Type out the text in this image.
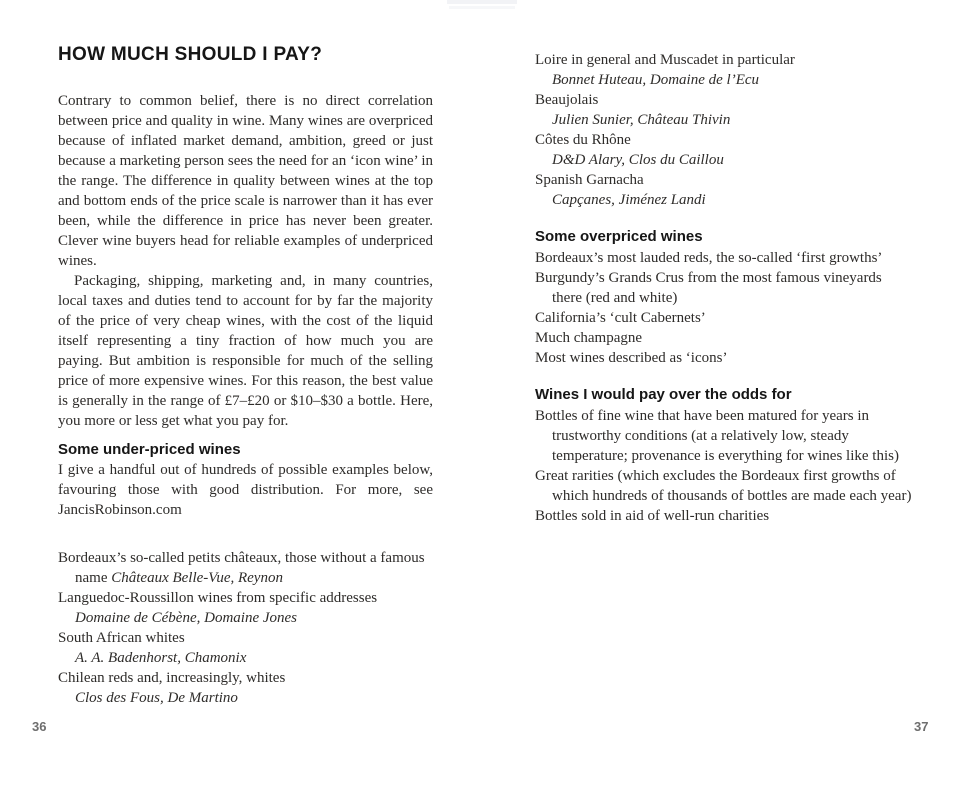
HOW MUCH SHOULD I PAY?

Contrary to common belief, there is no direct correlation between price and quality in wine. Many wines are overpriced because of inflated market demand, ambition, greed or just because a marketing person sees the need for an ‘icon wine’ in the range. The difference in quality between wines at the top and bottom ends of the price scale is narrower than it has ever been, while the difference in price has never been greater. Clever wine buyers head for reliable examples of underpriced wines.

Packaging, shipping, marketing and, in many countries, local taxes and duties tend to account for by far the majority of the price of very cheap wines, with the cost of the liquid itself representing a tiny fraction of how much you are paying. But ambition is responsible for much of the selling price of more expensive wines. For this reason, the best value is generally in the range of £7–£20 or $10–$30 a bottle. Here, you more or less get what you pay for.

Some under-priced wines

I give a handful out of hundreds of possible examples below, favouring those with good distribution. For more, see JancisRobinson.com

Bordeaux’s so-called petits châteaux, those without a famous name Châteaux Belle-Vue, Reynon
Languedoc-Roussillon wines from specific addresses
Domaine de Cébène, Domaine Jones
South African whites
A. A. Badenhorst, Chamonix
Chilean reds and, increasingly, whites
Clos des Fous, De Martino
Loire in general and Muscadet in particular
Bonnet Huteau, Domaine de l’Ecu
Beaujolais
Julien Sunier, Château Thivin
Côtes du Rhône
D&D Alary, Clos du Caillou
Spanish Garnacha
Capçanes, Jiménez Landi
Some overpriced wines
Bordeaux’s most lauded reds, the so-called ‘first growths’
Burgundy’s Grands Crus from the most famous vineyards there (red and white)
California’s ‘cult Cabernets’
Much champagne
Most wines described as ‘icons’
Wines I would pay over the odds for
Bottles of fine wine that have been matured for years in trustworthy conditions (at a relatively low, steady temperature; provenance is everything for wines like this)
Great rarities (which excludes the Bordeaux first growths of which hundreds of thousands of bottles are made each year)
Bottles sold in aid of well-run charities
36	37
